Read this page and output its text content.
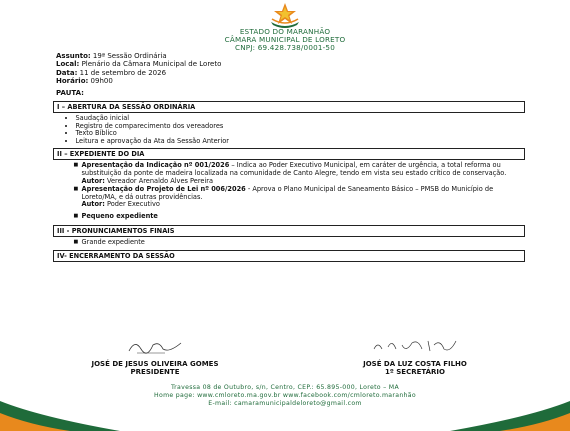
ESTADO DO MARANHÃO
CÂMARA MUNICIPAL DE LORETO
CNPJ: 69.428.738/0001-50
Assunto: 19ª Sessão Ordinária
Local: Plenário da Câmara Municipal de Loreto
Data: 11 de setembro de 2026
Horário: 09h00
PAUTA:
I – ABERTURA DA SESSÃO ORDINÁRIA

• Saudação inicial
• Registro de comparecimento dos vereadores
• Texto Bíblico
• Leitura e aprovação da Ata da Sessão Anterior

II – EXPEDIENTE DO DIA

■ Apresentação da Indicação nº 001/2026 – Indica ao Poder Executivo Municipal, em caráter de urgência, a total reforma ou substituição da ponte de madeira localizada na comunidade de Canto Alegre, tendo em vista seu estado crítico de conservação.
Autor: Vereador Arenaldo Alves Pereira
■ Apresentação do Projeto de Lei nº 006/2026 - Aprova o Plano Municipal de Saneamento Básico – PMSB do Município de Loreto/MA, e dá outras providências.
Autor: Poder Executivo
■ Pequeno expediente

III - PRONUNCIAMENTOS FINAIS

■ Grande expediente

IV- ENCERRAMENTO DA SESSÃO
JOSÉ DE JESUS OLIVEIRA GOMES
PRESIDENTE
JOSÉ DA LUZ COSTA FILHO
1º SECRETÁRIO
Travessa 08 de Outubro, s/n, Centro, CEP.: 65.895-000, Loreto – MA
Home page: www.cmloreto.ma.gov.br www.facebook.com/cmloreto.maranhão
E-mail: camaramunicipaldeloreto@gmail.com
